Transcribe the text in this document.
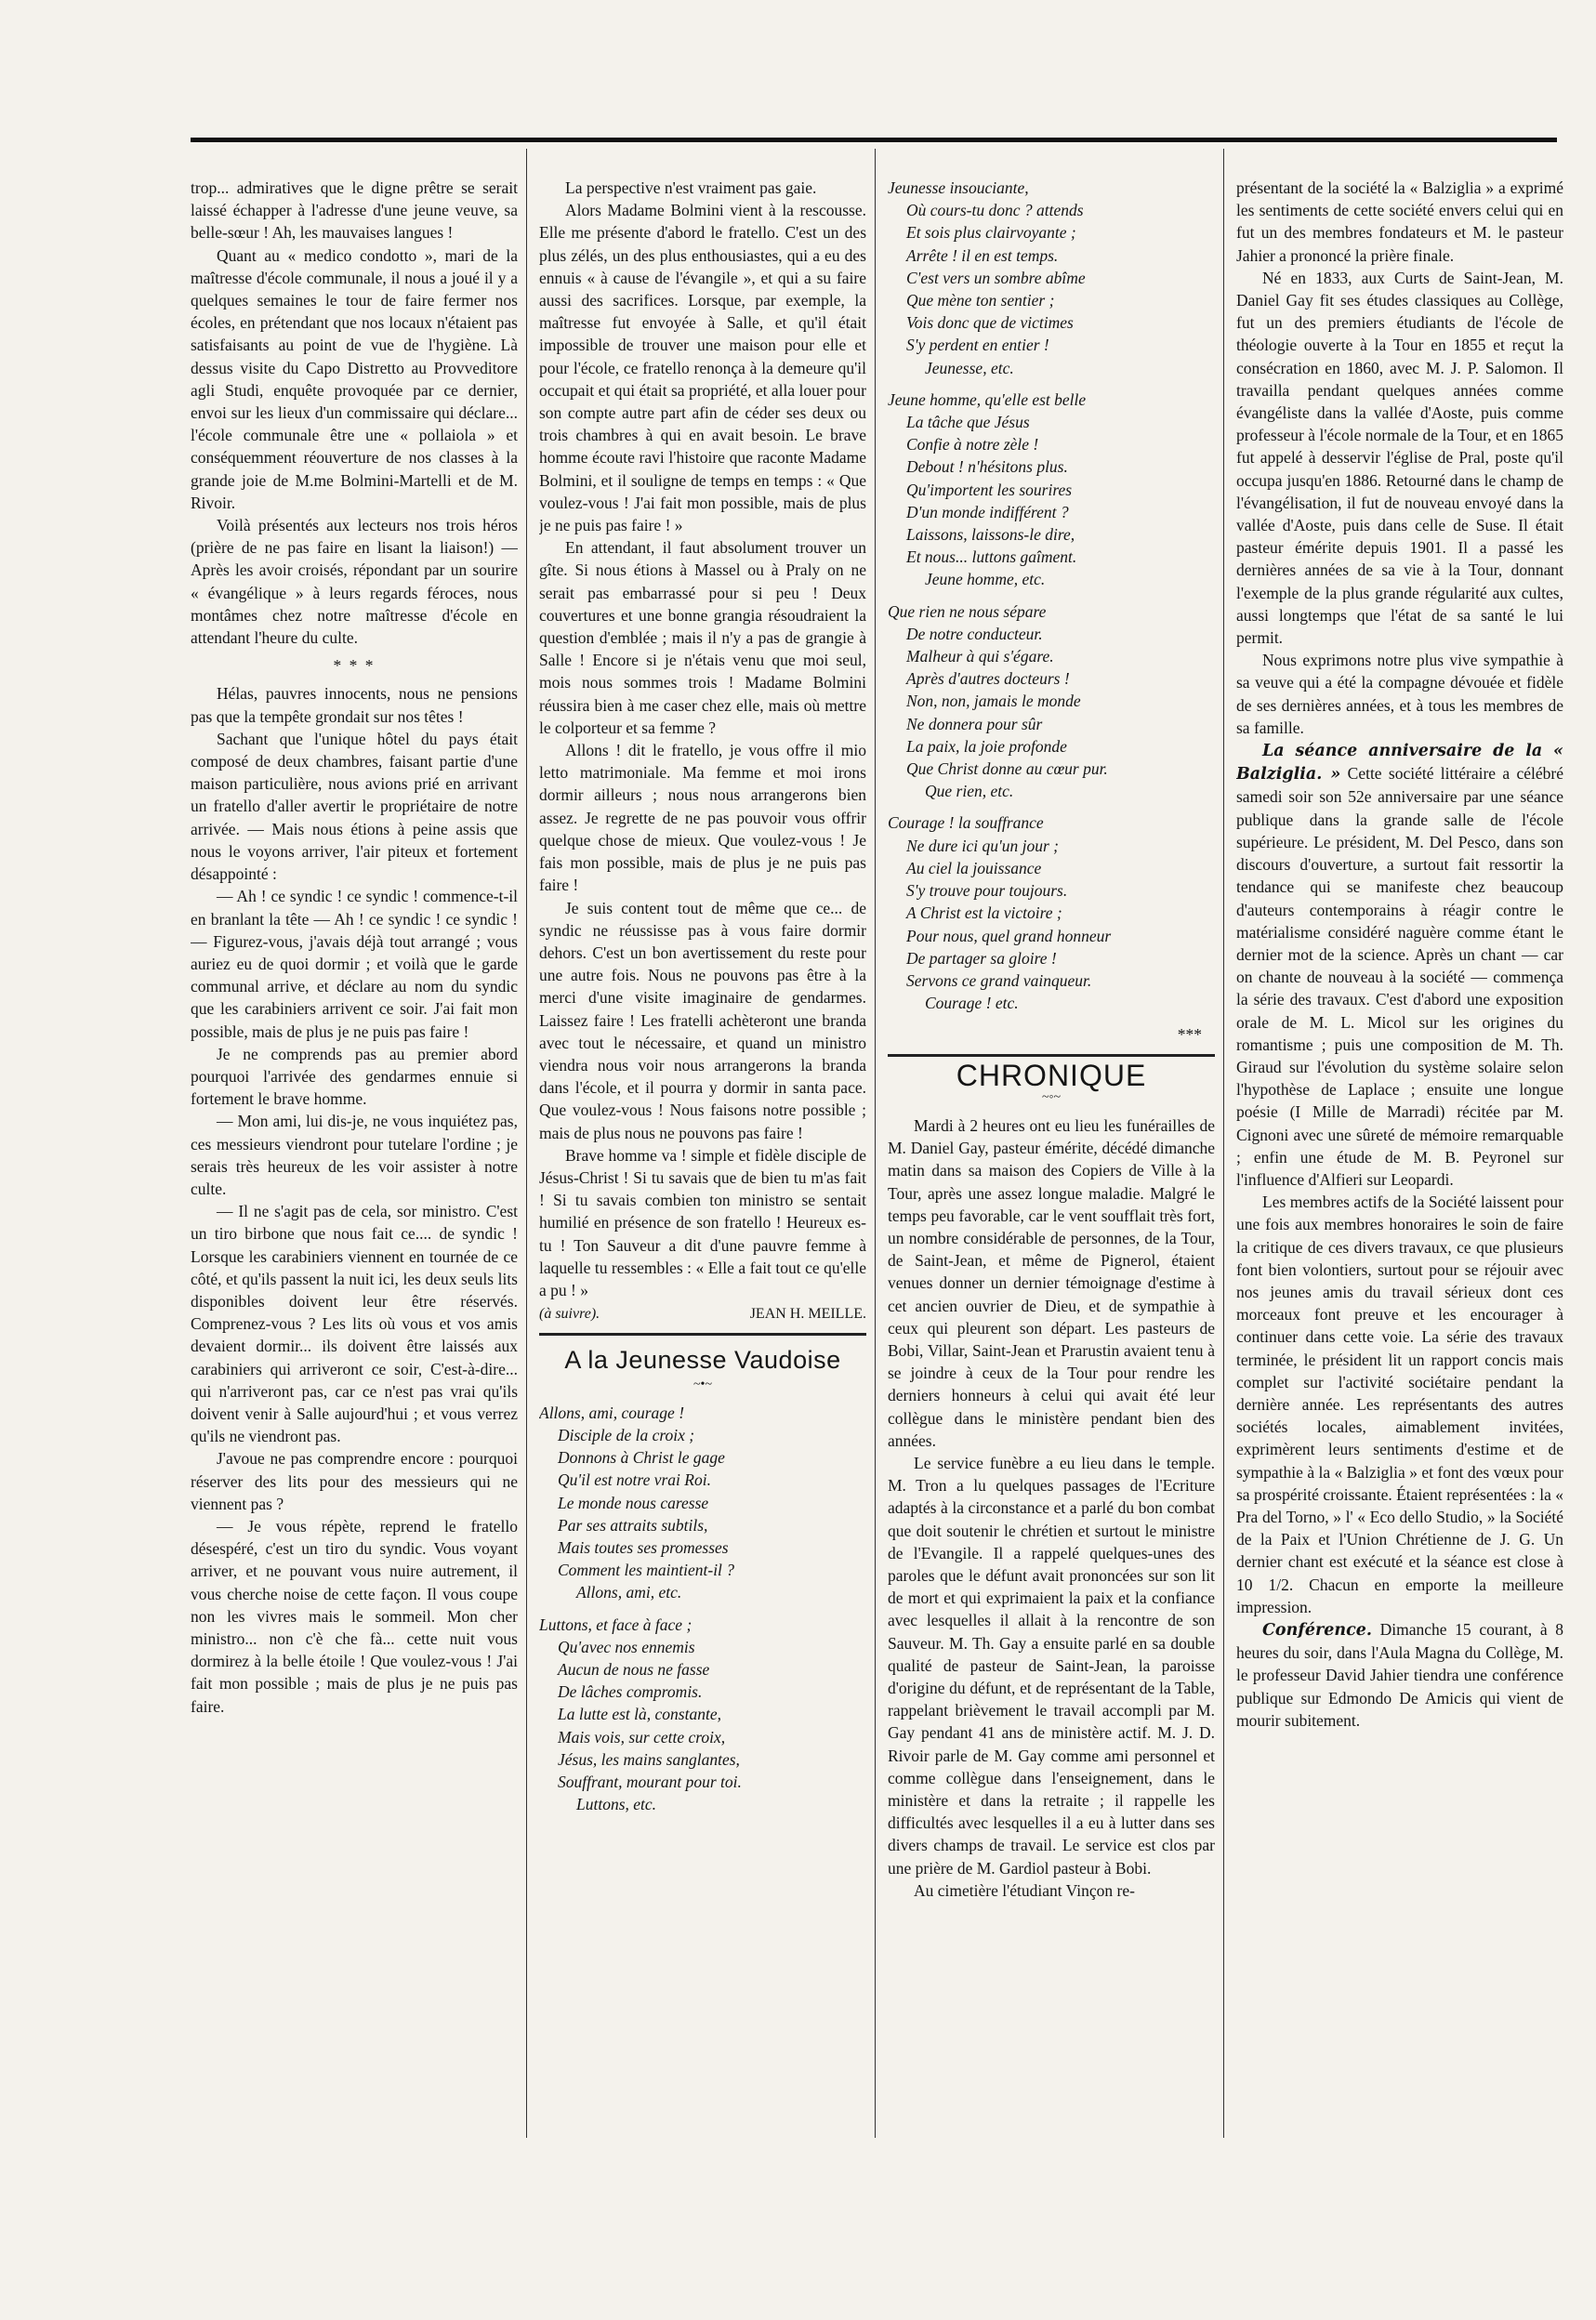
trop... admiratives que le digne prêtre se serait laissé échapper à l'adresse d'une jeune veuve, sa belle-sœur ! Ah, les mauvaises langues !

Quant au « medico condotto », mari de la maîtresse d'école communale, il nous a joué il y a quelques semaines le tour de faire fermer nos écoles, en prétendant que nos locaux n'étaient pas satisfaisants au point de vue de l'hygiène. Là dessus visite du Capo Distretto au Provveditore agli Studi, enquête provoquée par ce dernier, envoi sur les lieux d'un commissaire qui déclare... l'école communale être une « pollaiola » et conséquemment réouverture de nos classes à la grande joie de M.me Bolmini-Martelli et de M. Rivoir.

Voilà présentés aux lecteurs nos trois héros (prière de ne pas faire en lisant la liaison!) — Après les avoir croisés, répondant par un sourire « évangélique » à leurs regards féroces, nous montâmes chez notre maîtresse d'école en attendant l'heure du culte.

* * *

Hélas, pauvres innocents, nous ne pensions pas que la tempête grondait sur nos têtes !

Sachant que l'unique hôtel du pays était composé de deux chambres, faisant partie d'une maison particulière, nous avions prié en arrivant un fratello d'aller avertir le propriétaire de notre arrivée. — Mais nous étions à peine assis que nous le voyons arriver, l'air piteux et fortement désappointé :

— Ah ! ce syndic ! ce syndic ! commence-t-il en branlant la tête — Ah ! ce syndic ! ce syndic ! — Figurez-vous, j'avais déjà tout arrangé ; vous auriez eu de quoi dormir ; et voilà que le garde communal arrive, et déclare au nom du syndic que les carabiniers arrivent ce soir. J'ai fait mon possible, mais de plus je ne puis pas faire !

Je ne comprends pas au premier abord pourquoi l'arrivée des gendarmes ennuie si fortement le brave homme.

— Mon ami, lui dis-je, ne vous inquiétez pas, ces messieurs viendront pour tutelare l'ordine ; je serais très heureux de les voir assister à notre culte.

— Il ne s'agit pas de cela, sor ministro. C'est un tiro birbone que nous fait ce.... de syndic ! Lorsque les carabiniers viennent en tournée de ce côté, et qu'ils passent la nuit ici, les deux seuls lits disponibles doivent leur être réservés. Comprenez-vous ? Les lits où vous et vos amis devaient dormir... ils doivent être laissés aux carabiniers qui arriveront ce soir, C'est-à-dire... qui n'arriveront pas, car ce n'est pas vrai qu'ils doivent venir à Salle aujourd'hui ; et vous verrez qu'ils ne viendront pas.

J'avoue ne pas comprendre encore : pourquoi réserver des lits pour des messieurs qui ne viennent pas ?

— Je vous répète, reprend le fratello désespéré, c'est un tiro du syndic. Vous voyant arriver, et ne pouvant vous nuire autrement, il vous cherche noise de cette façon. Il vous coupe non les vivres mais le sommeil. Mon cher ministro... non c'è che fà... cette nuit vous dormirez à la belle étoile ! Que voulez-vous ! J'ai fait mon possible ; mais de plus je ne puis pas faire.

La perspective n'est vraiment pas gaie.

Alors Madame Bolmini vient à la rescousse. Elle me présente d'abord le fratello. C'est un des plus zélés, un des plus enthousiastes, qui a eu des ennuis « à cause de l'évangile », et qui a su faire aussi des sacrifices. Lorsque, par exemple, la maîtresse fut envoyée à Salle, et qu'il était impossible de trouver une maison pour elle et pour l'école, ce fratello renonça à la demeure qu'il occupait et qui était sa propriété, et alla louer pour son compte autre part afin de céder ses deux ou trois chambres à qui en avait besoin. Le brave homme écoute ravi l'histoire que raconte Madame Bolmini, et il souligne de temps en temps : « Que voulez-vous ! J'ai fait mon possible, mais de plus je ne puis pas faire ! »

En attendant, il faut absolument trouver un gîte. Si nous étions à Massel ou à Praly on ne serait pas embarrassé pour si peu ! Deux couvertures et une bonne grangia résoudraient la question d'emblée ; mais il n'y a pas de grangie à Salle ! Encore si je n'étais venu que moi seul, mois nous sommes trois ! Madame Bolmini réussira bien à me caser chez elle, mais où mettre le colporteur et sa femme ?

Allons ! dit le fratello, je vous offre il mio letto matrimoniale. Ma femme et moi irons dormir ailleurs ; nous nous arrangerons bien assez. Je regrette de ne pas pouvoir vous offrir quelque chose de mieux. Que voulez-vous ! Je fais mon possible, mais de plus je ne puis pas faire !

Je suis content tout de même que ce... de syndic ne réussisse pas à vous faire dormir dehors. C'est un bon avertissement du reste pour une autre fois. Nous ne pouvons pas être à la merci d'une visite imaginaire de gendarmes. Laissez faire ! Les fratelli achèteront une branda avec tout le nécessaire, et quand un ministro viendra nous voir nous arrangerons la branda dans l'école, et il pourra y dormir in santa pace. Que voulez-vous ! Nous faisons notre possible ; mais de plus nous ne pouvons pas faire !

Brave homme va ! simple et fidèle disciple de Jésus-Christ ! Si tu savais que de bien tu m'as fait ! Si tu savais combien ton ministro se sentait humilié en présence de son fratello ! Heureux es-tu ! Ton Sauveur a dit d'une pauvre femme à laquelle tu ressembles : « Elle a fait tout ce qu'elle a pu ! »

(à suivre).	JEAN H. MEILLE.
A la Jeunesse Vaudoise
~•~
Allons, ami, courage !
Disciple de la croix ;
Donnons à Christ le gage
Qu'il est notre vrai Roi.
Le monde nous caresse
Par ses attraits subtils,
Mais toutes ses promesses
Comment les maintient-il ?
Allons, ami, etc.
Luttons, et face à face ;
Qu'avec nos ennemis
Aucun de nous ne fasse
De lâches compromis.
La lutte est là, constante,
Mais vois, sur cette croix,
Jésus, les mains sanglantes,
Souffrant, mourant pour toi.
Luttons, etc.
Jeunesse insouciante,
Où cours-tu donc ? attends
Et sois plus clairvoyante ;
Arrête ! il en est temps.
C'est vers un sombre abîme
Que mène ton sentier ;
Vois donc que de victimes
S'y perdent en entier !
Jeunesse, etc.
Jeune homme, qu'elle est belle
La tâche que Jésus
Confie à notre zèle !
Debout ! n'hésitons plus.
Qu'importent les sourires
D'un monde indifférent ?
Laissons, laissons-le dire,
Et nous... luttons gaîment.
Jeune homme, etc.
Que rien ne nous sépare
De notre conducteur.
Malheur à qui s'égare.
Après d'autres docteurs !
Non, non, jamais le monde
Ne donnera pour sûr
La paix, la joie profonde
Que Christ donne au cœur pur.
Que rien, etc.
Courage ! la souffrance
Ne dure ici qu'un jour ;
Au ciel la jouissance
S'y trouve pour toujours.
A Christ est la victoire ;
Pour nous, quel grand honneur
De partager sa gloire !
Servons ce grand vainqueur.
Courage ! etc.
***
CHRONIQUE
~◦~

Mardi à 2 heures ont eu lieu les funérailles de M. Daniel Gay, pasteur émérite, décédé dimanche matin dans sa maison des Copiers de Ville à la Tour, après une assez longue maladie. Malgré le temps peu favorable, car le vent soufflait très fort, un nombre considérable de personnes, de la Tour, de Saint-Jean, et même de Pignerol, étaient venues donner un dernier témoignage d'estime à cet ancien ouvrier de Dieu, et de sympathie à ceux qui pleurent son départ. Les pasteurs de Bobi, Villar, Saint-Jean et Prarustin avaient tenu à se joindre à ceux de la Tour pour rendre les derniers honneurs à celui qui avait été leur collègue dans le ministère pendant bien des années.

Le service funèbre a eu lieu dans le temple. M. Tron a lu quelques passages de l'Ecriture adaptés à la circonstance et a parlé du bon combat que doit soutenir le chrétien et surtout le ministre de l'Evangile. Il a rappelé quelques-unes des paroles que le défunt avait prononcées sur son lit de mort et qui exprimaient la paix et la confiance avec lesquelles il allait à la rencontre de son Sauveur. M. Th. Gay a ensuite parlé en sa double qualité de pasteur de Saint-Jean, la paroisse d'origine du défunt, et de représentant de la Table, rappelant brièvement le travail accompli par M. Gay pendant 41 ans de ministère actif. M. J. D. Rivoir parle de M. Gay comme ami personnel et comme collègue dans l'enseignement, dans le ministère et dans la retraite ; il rappelle les difficultés avec lesquelles il a eu à lutter dans ses divers champs de travail. Le service est clos par une prière de M. Gardiol pasteur à Bobi.

Au cimetière l'étudiant Vinçon re-

présentant de la société la « Balziglia » a exprimé les sentiments de cette société envers celui qui en fut un des membres fondateurs et M. le pasteur Jahier a prononcé la prière finale.

Né en 1833, aux Curts de Saint-Jean, M. Daniel Gay fit ses études classiques au Collège, fut un des premiers étudiants de l'école de théologie ouverte à la Tour en 1855 et reçut la consécration en 1860, avec M. J. P. Salomon. Il travailla pendant quelques années comme évangéliste dans la vallée d'Aoste, puis comme professeur à l'école normale de la Tour, et en 1865 fut appelé à desservir l'église de Pral, poste qu'il occupa jusqu'en 1886. Retourné dans le champ de l'évangélisation, il fut de nouveau envoyé dans la vallée d'Aoste, puis dans celle de Suse. Il était pasteur émérite depuis 1901. Il a passé les dernières années de sa vie à la Tour, donnant l'exemple de la plus grande régularité aux cultes, aussi longtemps que l'état de sa santé le lui permit.

Nous exprimons notre plus vive sympathie à sa veuve qui a été la compagne dévouée et fidèle de ses dernières années, et à tous les membres de sa famille.

La séance anniversaire de la « Balziglia. » Cette société littéraire a célébré samedi soir son 52e anniversaire par une séance publique dans la grande salle de l'école supérieure. Le président, M. Del Pesco, dans son discours d'ouverture, a surtout fait ressortir la tendance qui se manifeste chez beaucoup d'auteurs contemporains à réagir contre le matérialisme considéré naguère comme étant le dernier mot de la science. Après un chant — car on chante de nouveau à la société — commença la série des travaux. C'est d'abord une exposition orale de M. L. Micol sur les origines du romantisme ; puis une composition de M. Th. Giraud sur l'évolution du système solaire selon l'hypothèse de Laplace ; ensuite une longue poésie (I Mille de Marradi) récitée par M. Cignoni avec une sûreté de mémoire remarquable ; enfin une étude de M. B. Peyronel sur l'influence d'Alfieri sur Leopardi.

Les membres actifs de la Société laissent pour une fois aux membres honoraires le soin de faire la critique de ces divers travaux, ce que plusieurs font bien volontiers, surtout pour se réjouir avec nos jeunes amis du travail sérieux dont ces morceaux font preuve et les encourager à continuer dans cette voie. La série des travaux terminée, le président lit un rapport concis mais complet sur l'activité sociétaire pendant la dernière année. Les représentants des autres sociétés locales, aimablement invitées, exprimèrent leurs sentiments d'estime et de sympathie à la « Balziglia » et font des vœux pour sa prospérité croissante. Étaient représentées : la « Pra del Torno, » l' « Eco dello Studio, » la Société de la Paix et l'Union Chrétienne de J. G. Un dernier chant est exécuté et la séance est close à 10 1/2. Chacun en emporte la meilleure impression.

Conférence. Dimanche 15 courant, à 8 heures du soir, dans l'Aula Magna du Collège, M. le professeur David Jahier tiendra une conférence publique sur Edmondo De Amicis qui vient de mourir subitement.
